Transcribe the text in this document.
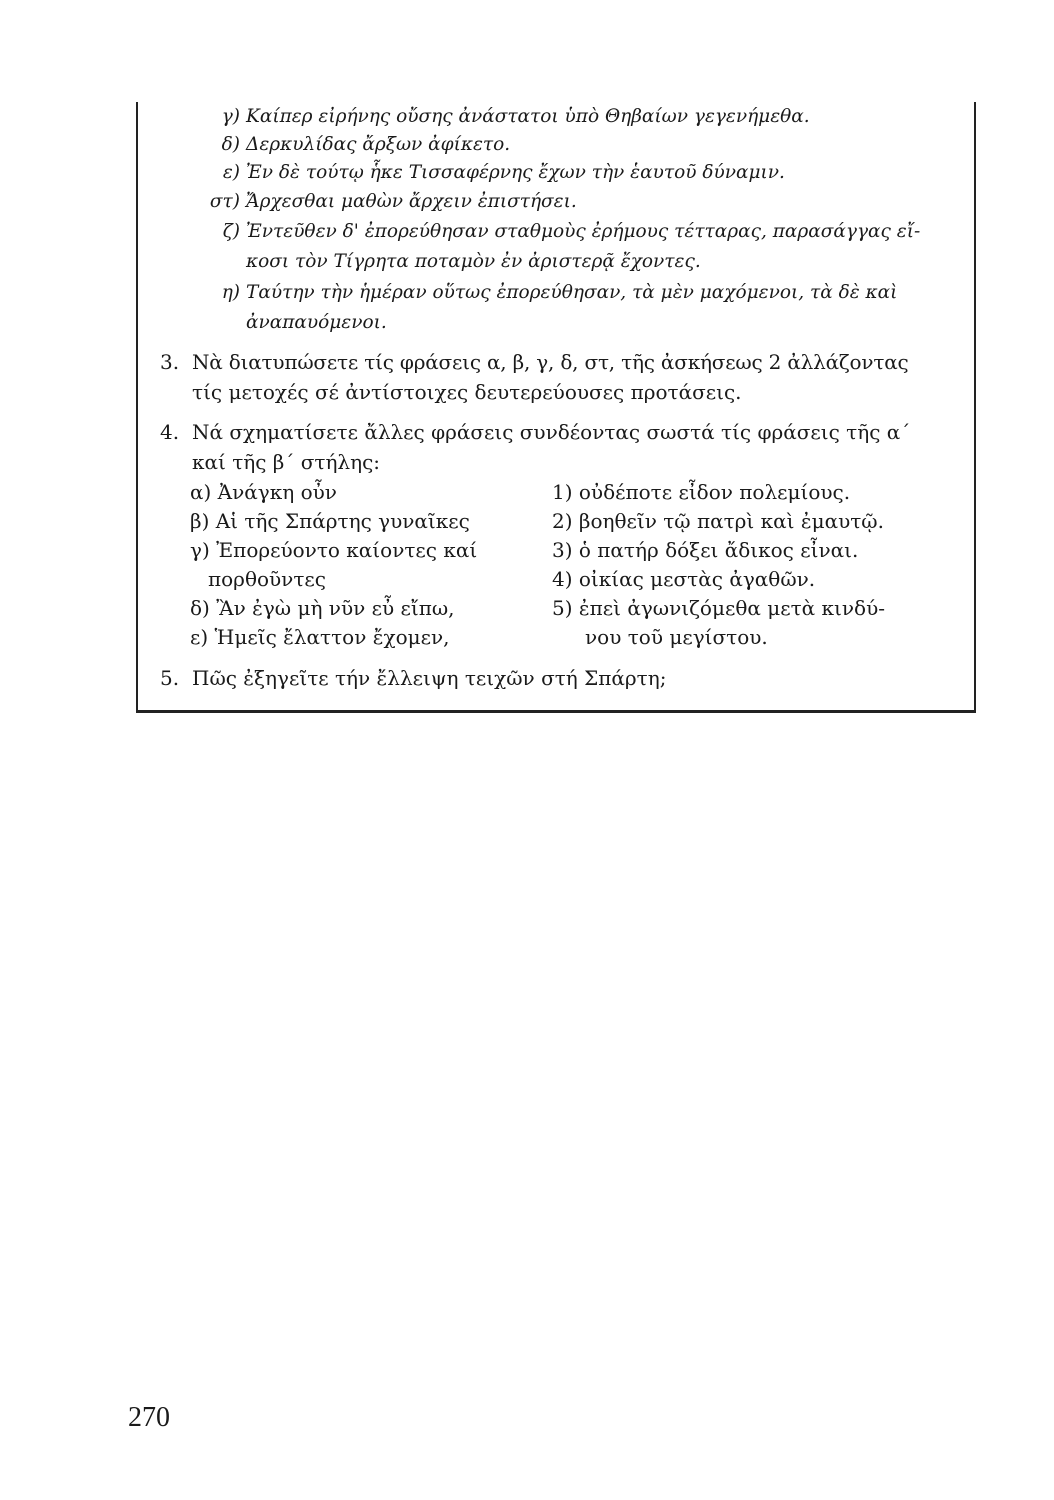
γ) Καίπερ εἰρήνης οὔσης ἀνάστατοι ὑπὸ Θηβαίων γεγενήμεθα.
δ) Δερκυλίδας ἄρξων ἀφίκετο.
ε) Ἐν δὲ τούτῳ ἧκε Τισσαφέρνης ἔχων τὴν ἑαυτοῦ δύναμιν.
στ) Ἄρχεσθαι μαθὼν ἄρχειν ἐπιστήσει.
ζ) Ἐντεῦθεν δ' ἐπορεύθησαν σταθμοὺς ἐρήμους τέτταρας, παρασάγγας εἴ-
κοσι τὸν Τίγρητα ποταμὸν ἐν ἀριστερᾷ ἔχοντες.
η) Ταύτην τὴν ἡμέραν οὕτως ἐπορεύθησαν, τὰ μὲν μαχόμενοι, τὰ δὲ καὶ
ἀναπαυόμενοι.
3. Νὰ διατυπώσετε τίς φράσεις α, β, γ, δ, στ, τῆς ἀσκήσεως 2 ἀλλάζοντας
τίς μετοχές σέ ἀντίστοιχες δευτερεύουσες προτάσεις.
4. Νά σχηματίσετε ἄλλες φράσεις συνδέοντας σωστά τίς φράσεις τῆς α΄
καί τῆς β΄ στήλης:
α) Ἀνάγκη οὖν
β) Αἱ τῆς Σπάρτης γυναῖκες
γ) Ἐπορεύοντο καίοντες καί
πορθοῦντες
δ) Ἂν ἐγὼ μὴ νῦν εὖ εἴπω,
ε) Ἡμεῖς ἔλαττον ἔχομεν,
1) οὐδέποτε εἶδον πολεμίους.
2) βοηθεῖν τῷ πατρὶ καὶ ἐμαυτῷ.
3) ὁ πατήρ δόξει ἄδικος εἶναι.
4) οἰκίας μεστὰς ἀγαθῶν.
5) ἐπεὶ ἀγωνιζόμεθα μετὰ κινδύ-
νου τοῦ μεγίστου.
5. Πῶς ἐξηγεῖτε τήν ἔλλειψη τειχῶν στή Σπάρτη;
270
